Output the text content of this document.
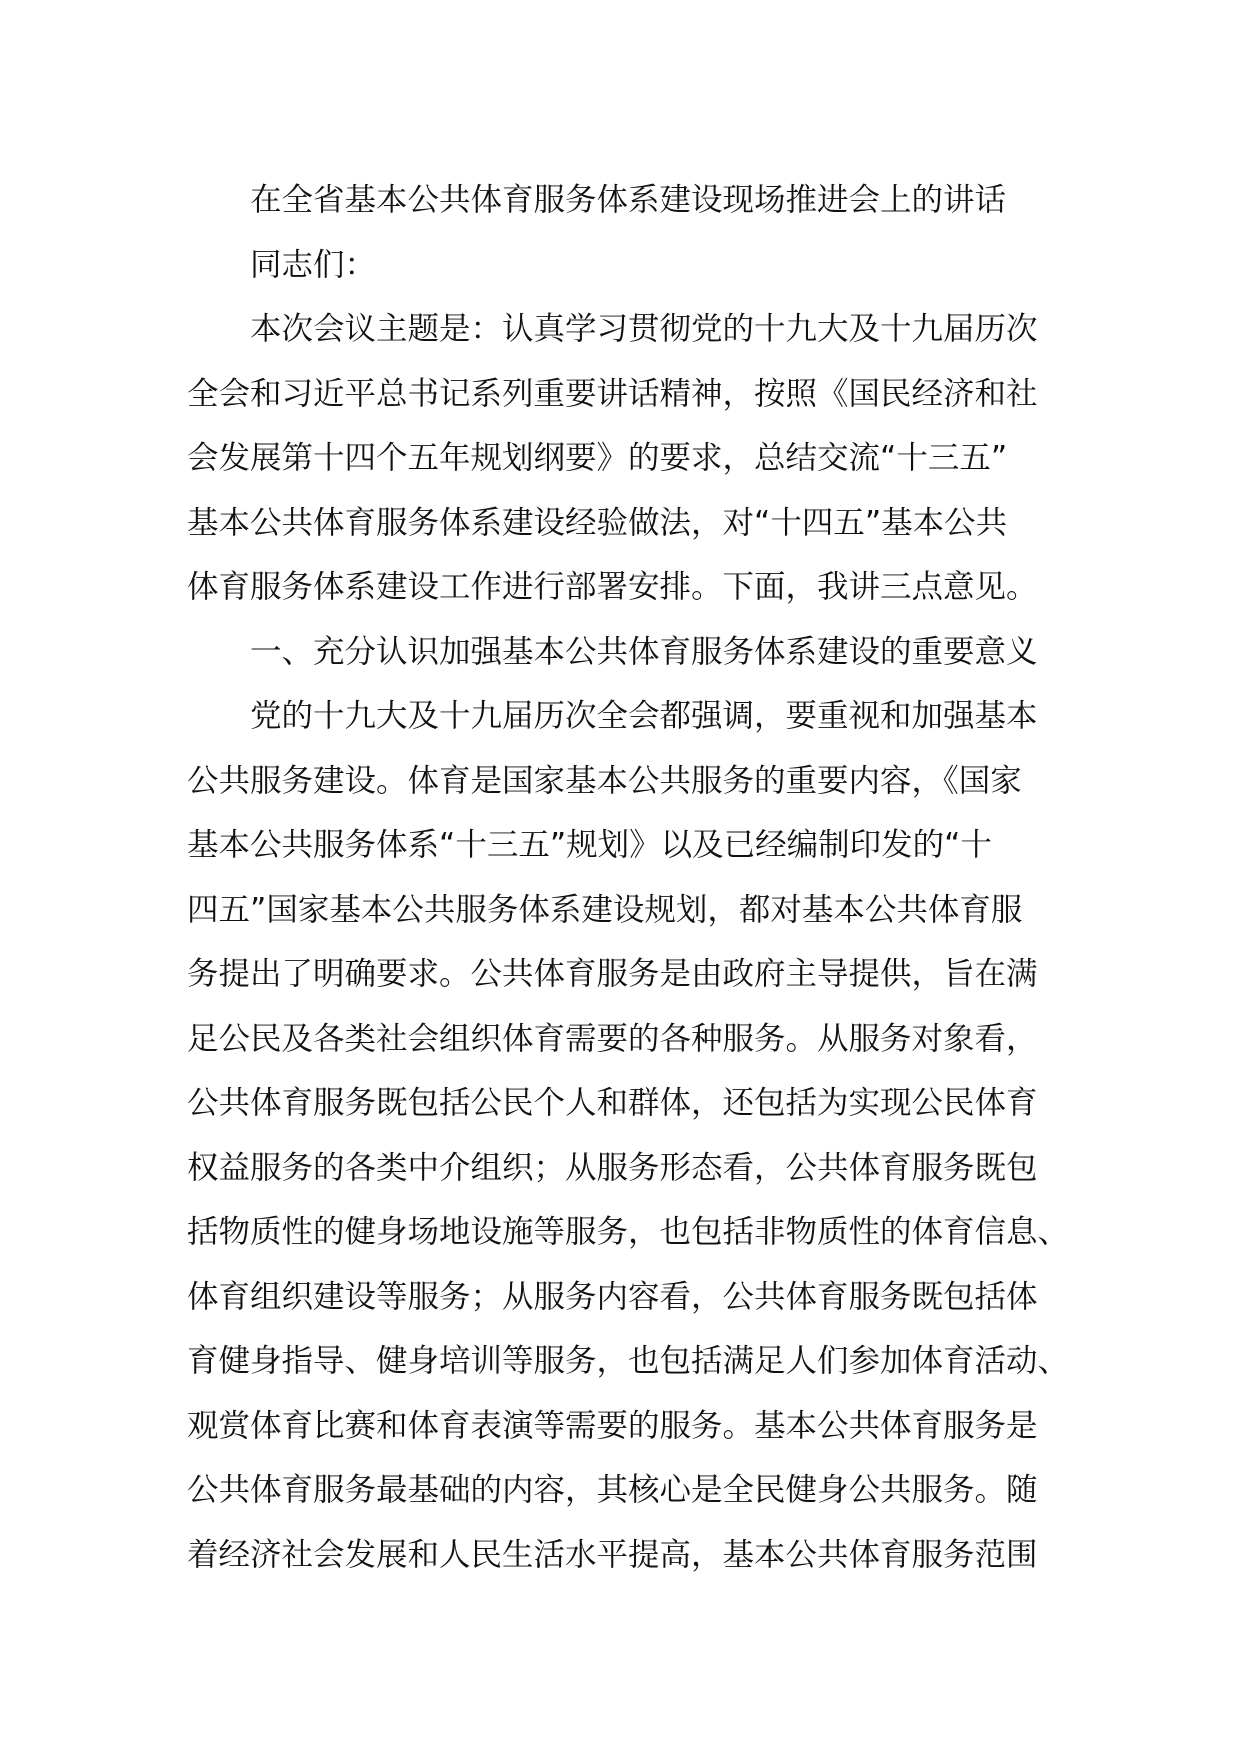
在全省基本公共体育服务体系建设现场推进会上的讲话
同志们：
本次会议主题是：认真学习贯彻党的十九大及十九届历次
全会和习近平总书记系列重要讲话精神，按照《国民经济和社
会发展第十四个五年规划纲要》的要求，总结交流“十三五”
基本公共体育服务体系建设经验做法，对“十四五”基本公共
体育服务体系建设工作进行部署安排。下面，我讲三点意见。
一、充分认识加强基本公共体育服务体系建设的重要意义
党的十九大及十九届历次全会都强调，要重视和加强基本
公共服务建设。体育是国家基本公共服务的重要内容，《国家
基本公共服务体系“十三五”规划》以及已经编制印发的“十
四五”国家基本公共服务体系建设规划，都对基本公共体育服
务提出了明确要求。公共体育服务是由政府主导提供，旨在满
足公民及各类社会组织体育需要的各种服务。从服务对象看，
公共体育服务既包括公民个人和群体，还包括为实现公民体育
权益服务的各类中介组织；从服务形态看，公共体育服务既包
括物质性的健身场地设施等服务，也包括非物质性的体育信息、
体育组织建设等服务；从服务内容看，公共体育服务既包括体
育健身指导、健身培训等服务，也包括满足人们参加体育活动、
观赏体育比赛和体育表演等需要的服务。基本公共体育服务是
公共体育服务最基础的内容，其核心是全民健身公共服务。随
着经济社会发展和人民生活水平提高，基本公共体育服务范围
